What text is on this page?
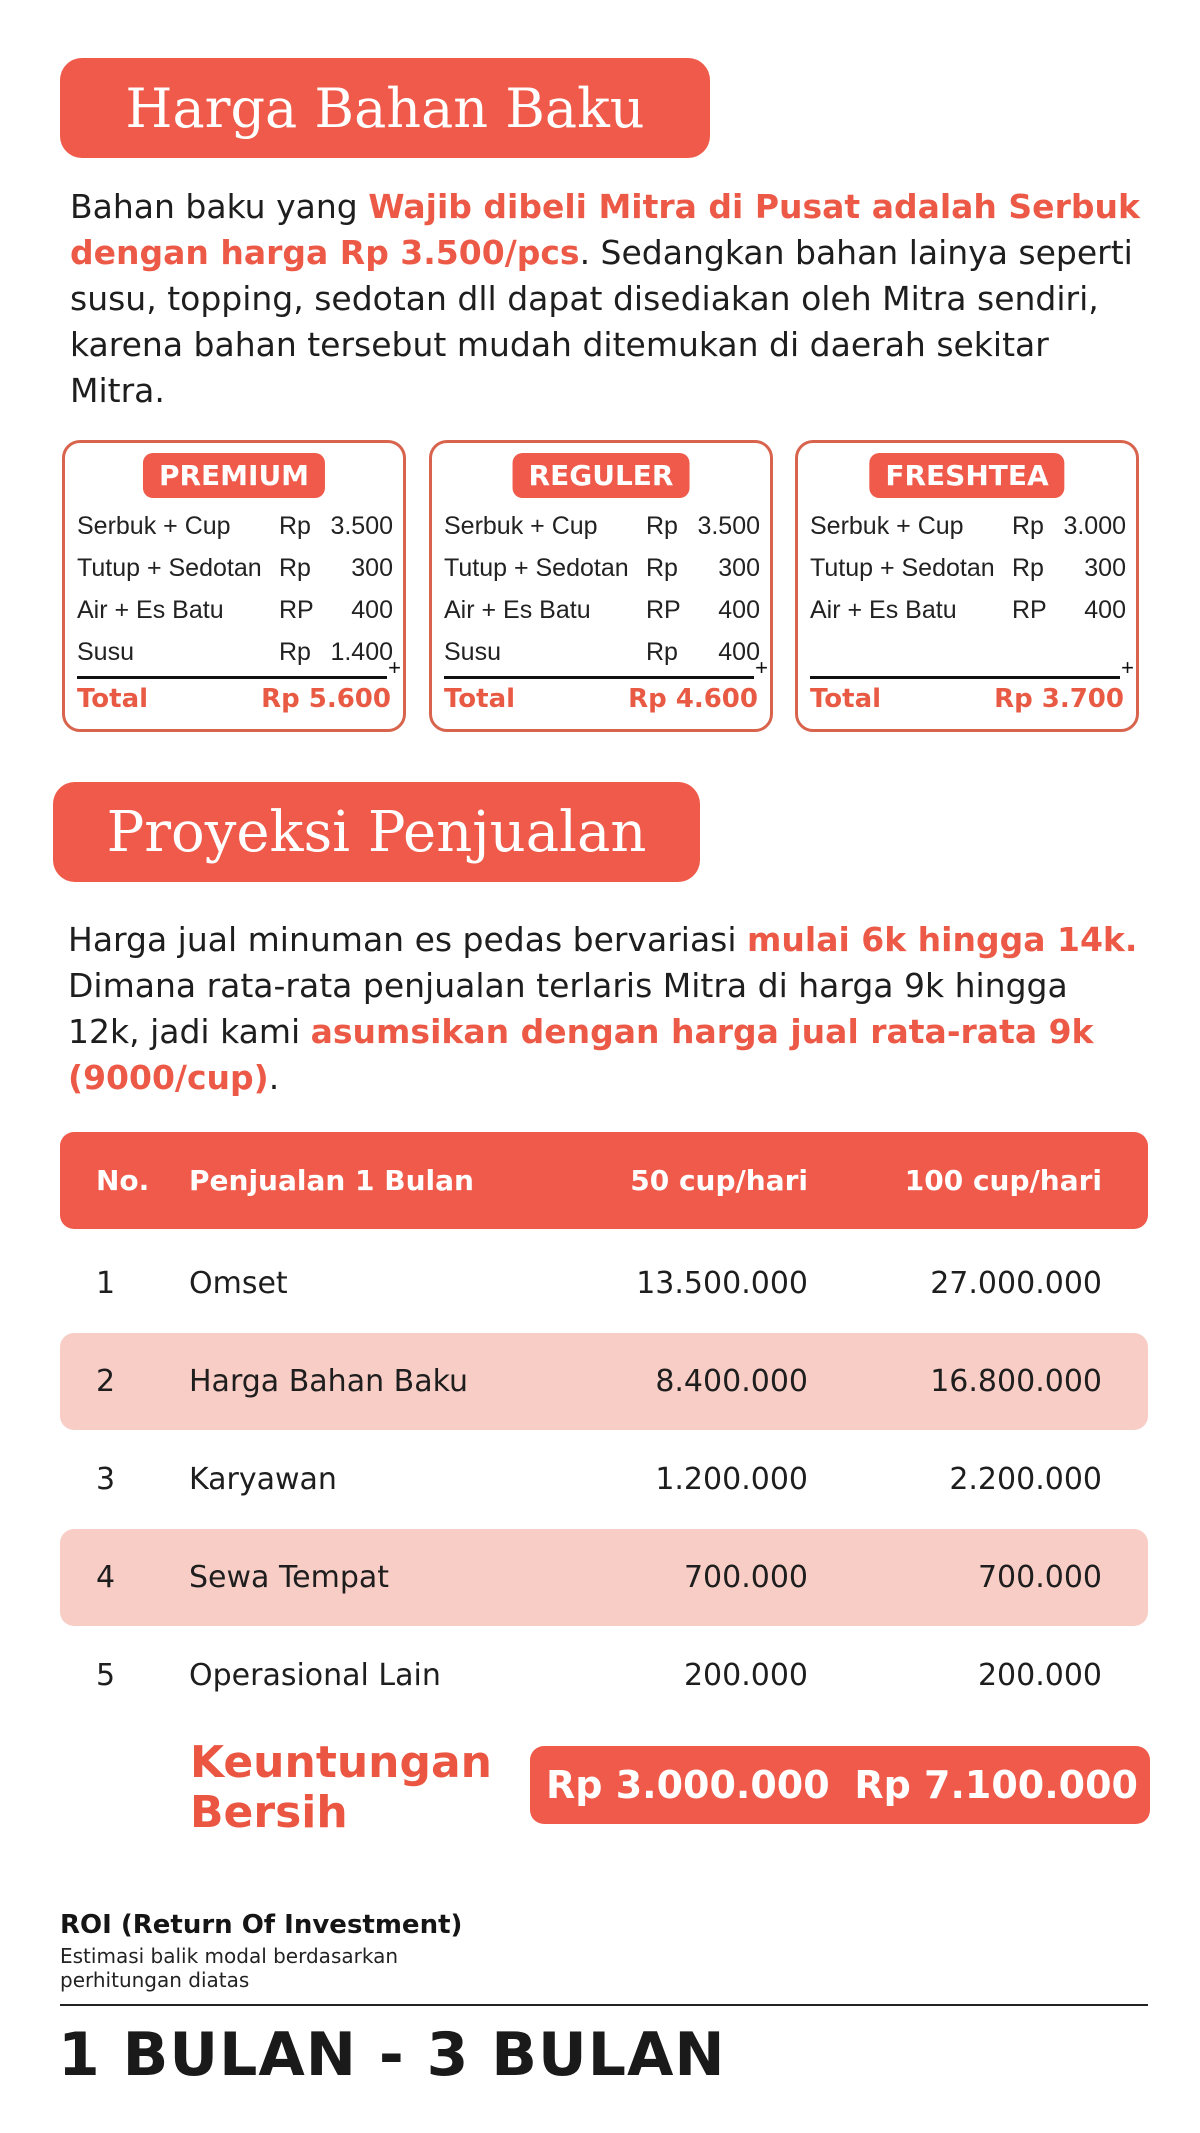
Harga Bahan Baku
Bahan baku yang Wajib dibeli Mitra di Pusat adalah Serbuk dengan harga Rp 3.500/pcs. Sedangkan bahan lainya seperti susu, topping, sedotan dll dapat disediakan oleh Mitra sendiri, karena bahan tersebut mudah ditemukan di daerah sekitar Mitra.
PREMIUM
Serbuk + Cup Rp 3.500
Tutup + Sedotan Rp 300
Air + Es Batu RP 400
Susu	Rp 1.400
+
Total	Rp 5.600
REGULER
Serbuk + Cup Rp 3.500
Tutup + Sedotan Rp 300
Air + Es Batu RP 400
Susu	Rp 400
+
Total	Rp 4.600
FRESHTEA
Serbuk + Cup Rp 3.000
Tutup + Sedotan Rp 300
Air + Es Batu RP 400
+
Total	Rp 3.700
Proyeksi Penjualan
Harga jual minuman es pedas bervariasi mulai 6k hingga 14k. Dimana rata-rata penjualan terlaris Mitra di harga 9k hingga 12k, jadi kami asumsikan dengan harga jual rata-rata 9k (9000/cup).
No. Penjualan 1 Bulan	50 cup/hari	100 cup/hari
1 Omset	13.500.000	27.000.000
2 Harga Bahan Baku	8.400.000	16.800.000
3 Karyawan	1.200.000	2.200.000
4 Sewa Tempat	700.000	700.000
5 Operasional Lain	200.000	200.000
Keuntungan Bersih
Rp 3.000.000 Rp 7.100.000
ROI (Return Of Investment)
Estimasi balik modal berdasarkan perhitungan diatas
1 BULAN - 3 BULAN
